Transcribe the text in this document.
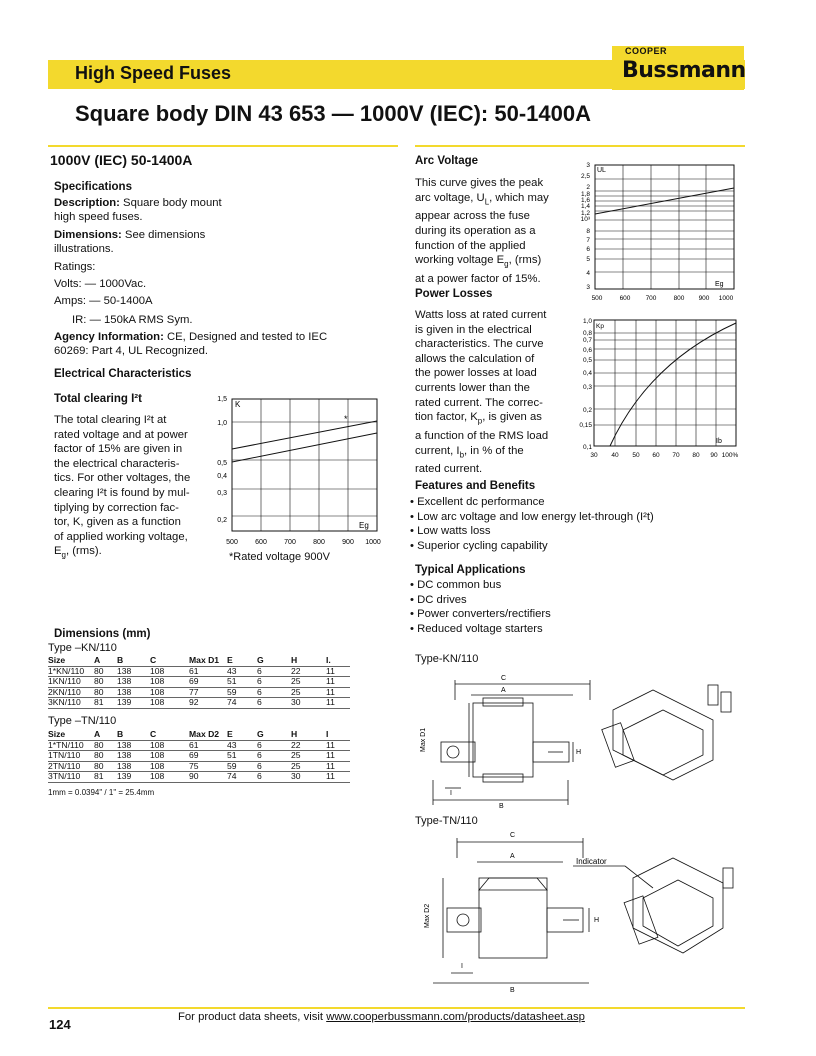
High Speed Fuses
COOPER
Bussmann
Square body DIN 43 653 — 1000V (IEC): 50-1400A
1000V (IEC) 50-1400A
Specifications
Description: Square body mount
high speed fuses.
Dimensions: See dimensions
illustrations.
Ratings:
Volts: — 1000Vac.
Amps: — 50-1400A
IR: — 150kA RMS Sym.
Agency Information: CE, Designed and tested to IEC
60269: Part 4, UL Recognized.
Electrical Characteristics
Total clearing I²t
The total clearing I²t at
rated voltage and at power
factor of 15% are given in
the electrical characteris-
tics. For other voltages, the
clearing I²t is found by mul-
tiplying by correction fac-
tor, K, given as a function
of applied working voltage,
$E_g$, (rms).
K
Eg
*
1,5
1,0
0,5
0,4
0,3
0,2
500 600 700 800 900 1000
*Rated voltage 900V
Dimensions (mm)
Type –KN/110
Size	A	B	C	Max D1	E	G	H	I.
1*KN/110	80	138	108	61	43	6	22	11
1KN/110	80	138	108	69	51	6	25	11
2KN/110	80	138	108	77	59	6	25	11
3KN/110	81	139	108	92	74	6	30	11
Type –TN/110
Size	A	B	C	Max D2	E	G	H	I
1*TN/110	80	138	108	61	43	6	22	11
1TN/110	80	138	108	69	51	6	25	11
2TN/110	80	138	108	75	59	6	25	11
3TN/110	81	139	108	90	74	6	30	11
1mm = 0.0394" / 1" = 25.4mm
Arc Voltage
This curve gives the peak
arc voltage, $U_L$, which may
appear across the fuse
during its operation as a
function of the applied
working voltage $E_g$, (rms)
at a power factor of 15%.
UL
Eg
3
2,5
2
1,8
1,6
1,4
1,2
10³
8
7
6
5
4
3
500	600 700	800 900 1000
Power Losses
Watts loss at rated current
is given in the electrical
characteristics. The curve
allows the calculation of
the power losses at load
currents lower than the
rated current. The correc-
tion factor, $K_p$, is given as
a function of the RMS load
current, $I_b$, in % of the
rated current.
Kp
Ib
1,0
0,8
0,7
0,6
0,5
0,4
0,3
0,2
0,15
0,1
30 40 50 60 70 80 90 100%
Features and Benefits
• Excellent dc performance
• Low arc voltage and low energy let-through (I²t)
• Low watts loss
• Superior cycling capability
Typical Applications
• DC common bus
• DC drives
• Power converters/rectifiers
• Reduced voltage starters
Type-KN/110
C
A
B
I
H
Max D1
Type-TN/110
C
A
B
I
H
Max D2
Indicator
124	For product data sheets, visit www.cooperbussmann.com/products/datasheet.asp
